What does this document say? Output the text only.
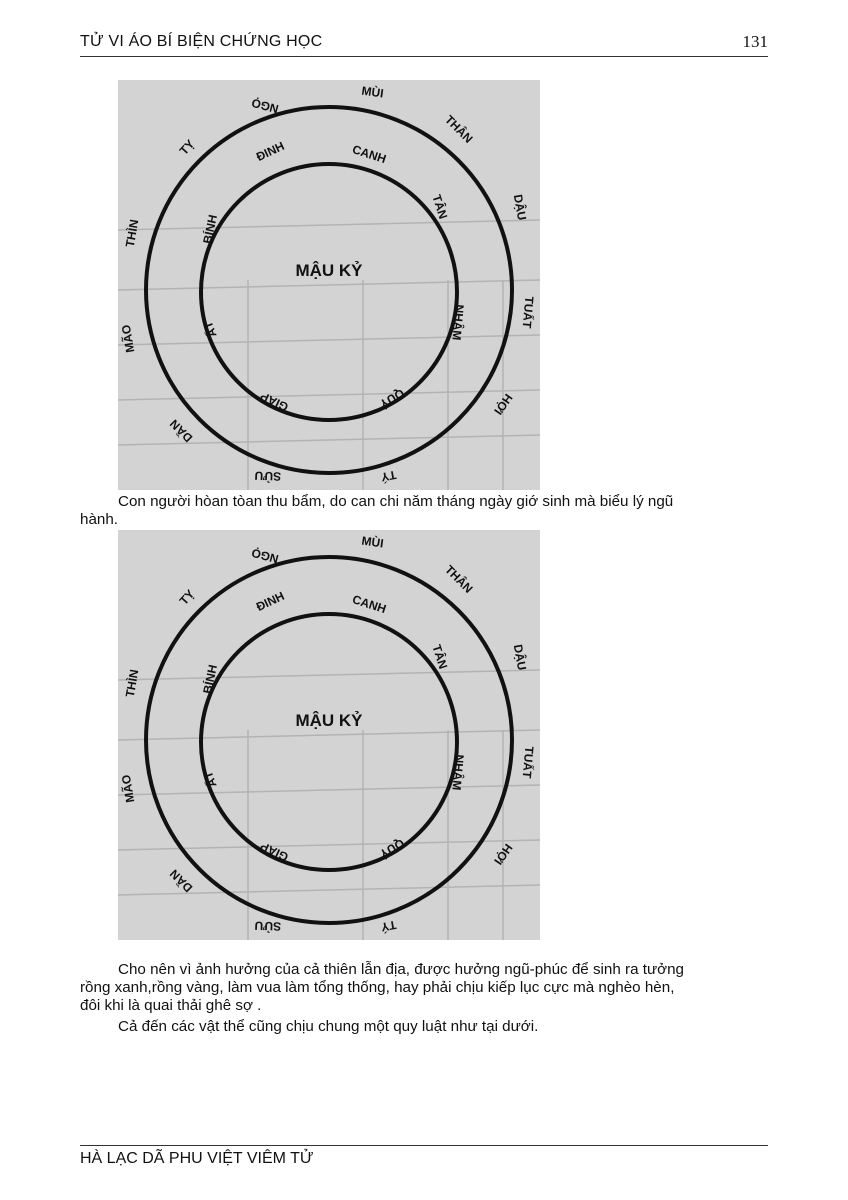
TỬ VI ÁO BÍ BIỆN CHỨNG HỌC	131
MẬU KỶ
ĐINH	CANH
TÂN
BÍNH
ẤT
GIÁP	QUÝ
NHÂM
NGỌ
MÙI
THÂN
DẬU
TUẤT
HỢI
TÝ
SỬU
DẦN
MÃO
THÌN
TỴ
Con người hòan tòan thu bẩm, do can chi năm tháng ngày giớ sinh mà biểu lý ngũ
hành.
MẬU KỶ
ĐINH	CANH
TÂN
BÍNH
ẤT
GIÁP	QUÝ
NHÂM
NGỌ
MÙI
THÂN
DẬU
TUẤT
HỢI
TÝ
SỬU
DẦN
MÃO
THÌN
TỴ
Cho nên vì ảnh hưởng của cả thiên lẫn địa, được hưởng ngũ-phúc để sinh ra tưởng
rồng xanh,rồng vàng, làm vua làm tổng thống, hay phải chịu kiếp lục cực mà nghèo hèn,
đôi khi là quai thải ghê sợ .
Cả đến các vật thể cũng chịu chung một quy luật như tại dưới.
HÀ LẠC DÃ PHU VIỆT VIÊM TỬ
